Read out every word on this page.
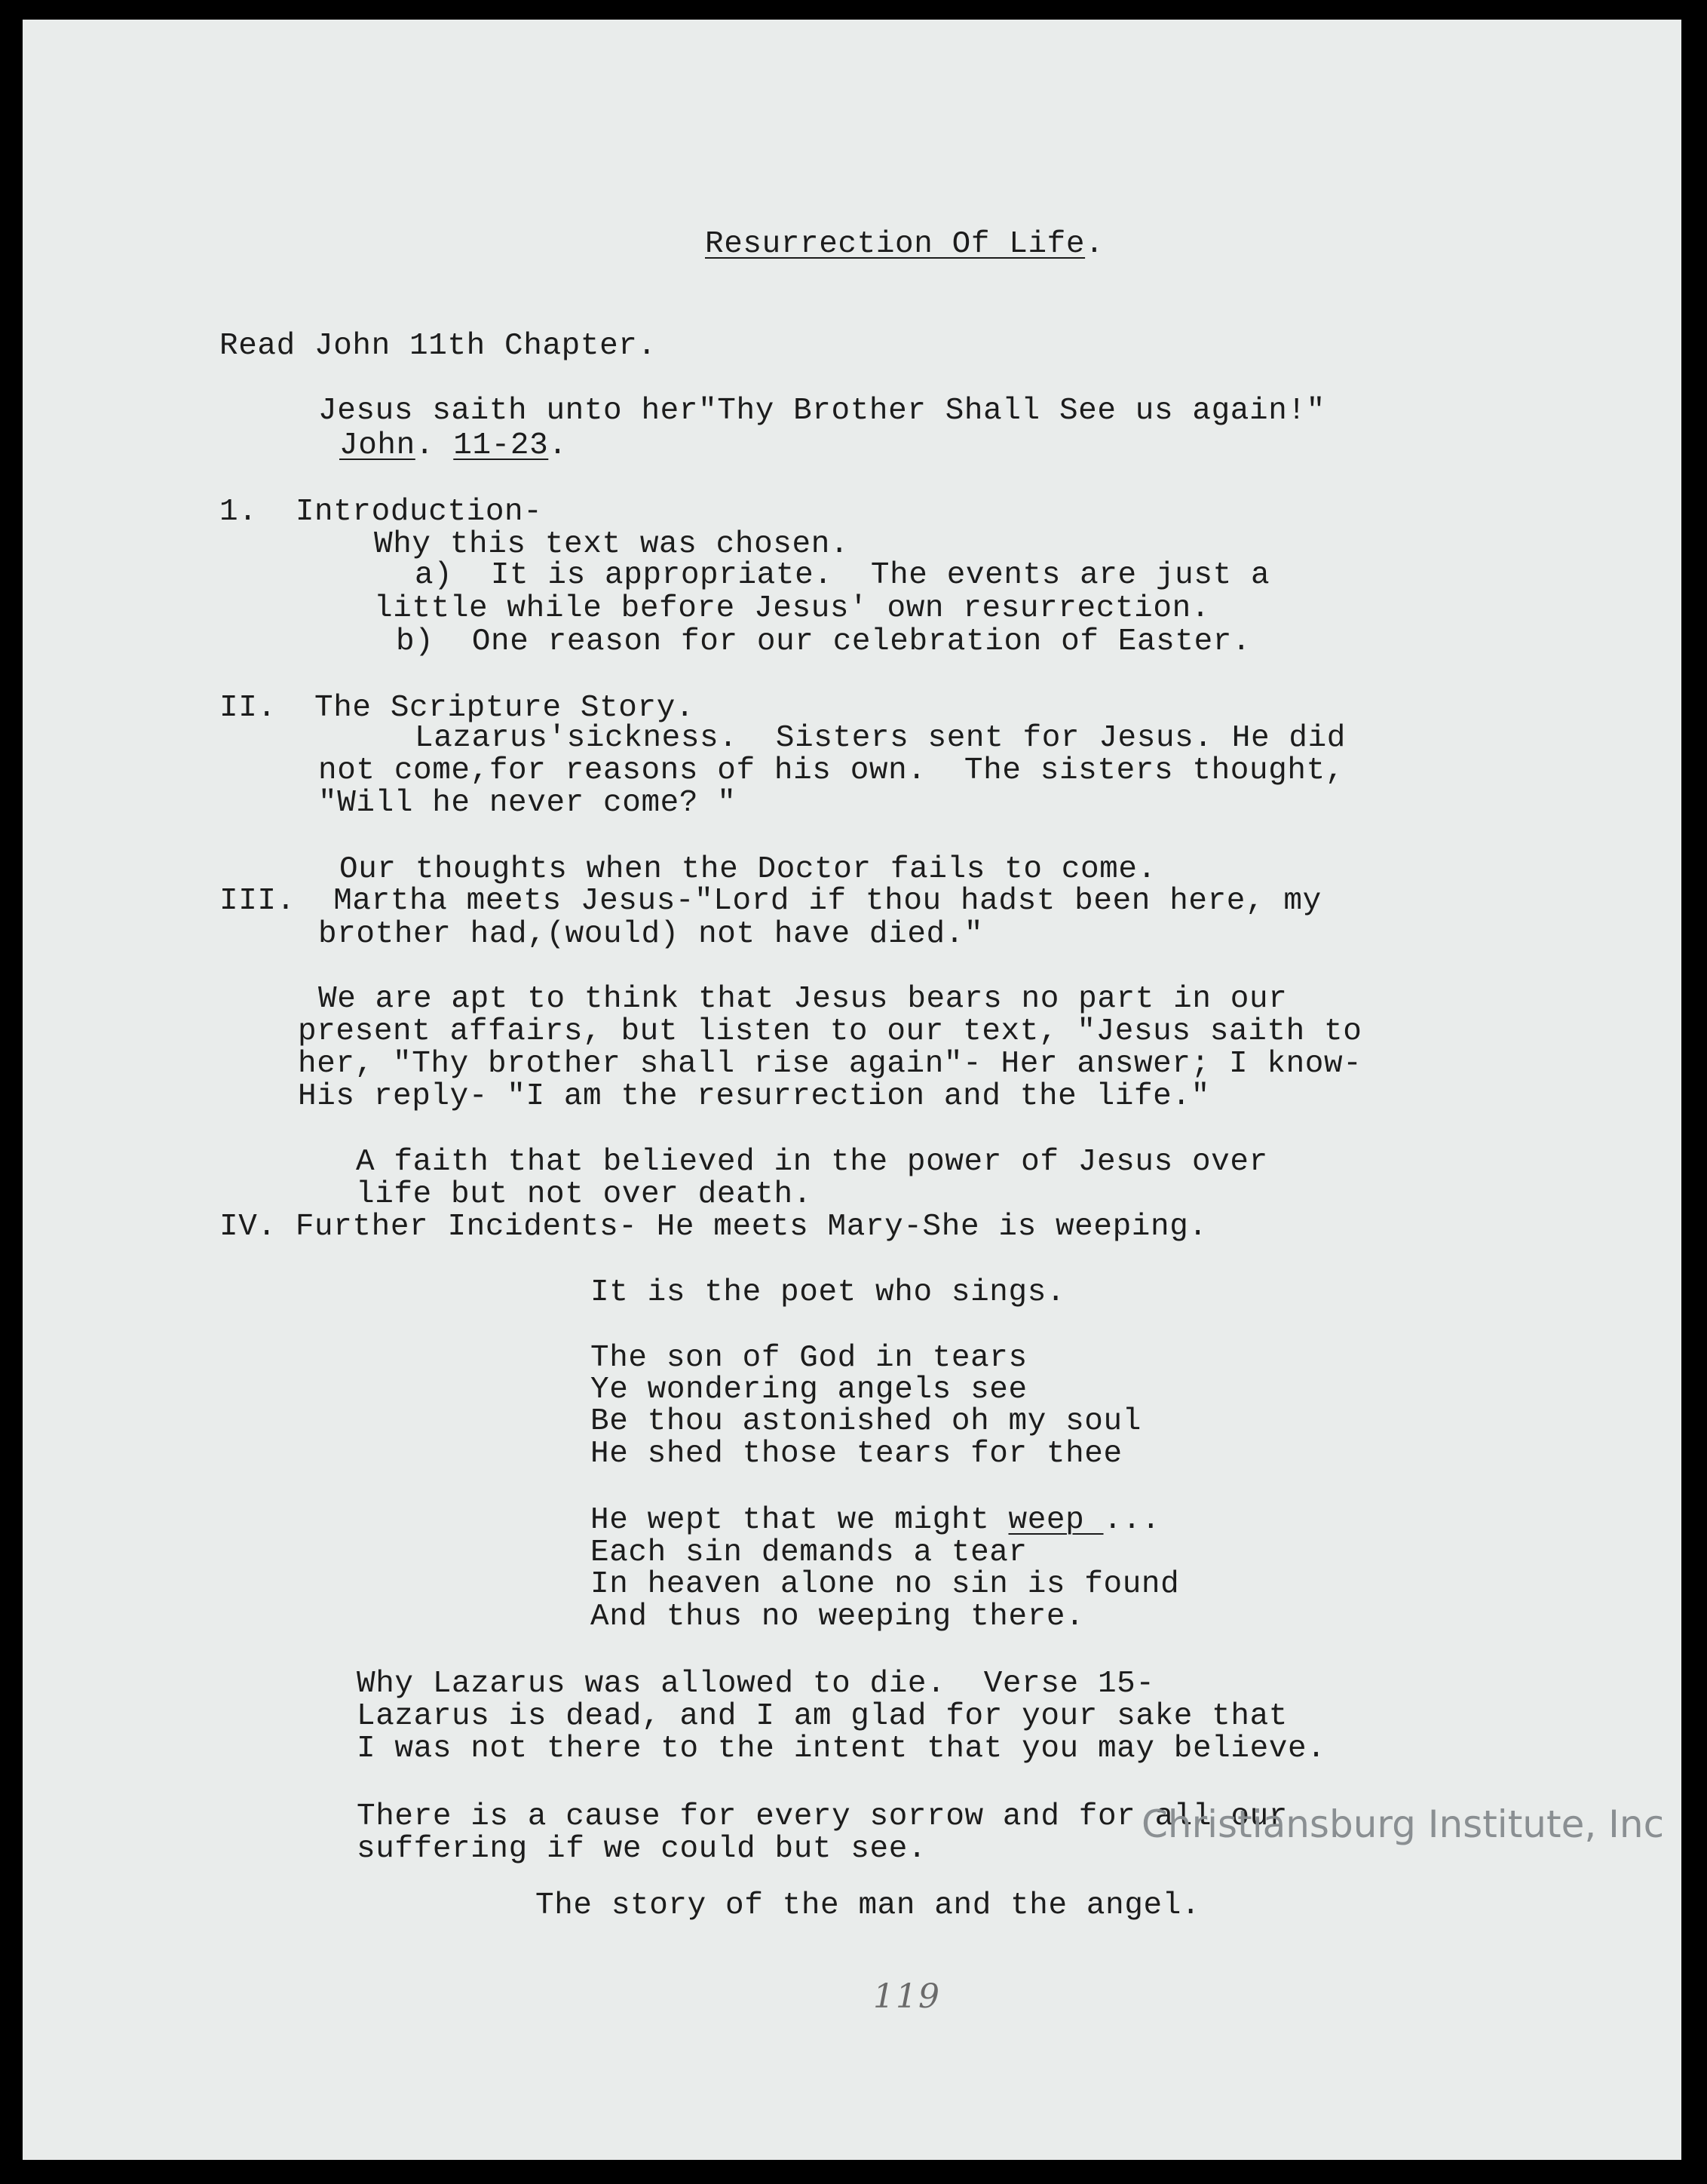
Resurrection Of Life.
Read John 11th Chapter.
Jesus saith unto her"Thy Brother Shall See us again!"
John. 11-23.
1.  Introduction-
Why this text was chosen.
a)  It is appropriate.  The events are just a
little while before Jesus' own resurrection.
b)  One reason for our celebration of Easter.
II.  The Scripture Story.
Lazarus'sickness.  Sisters sent for Jesus. He did
not come,for reasons of his own.  The sisters thought,
"Will he never come? "
Our thoughts when the Doctor fails to come.
III.  Martha meets Jesus-"Lord if thou hadst been here, my
brother had,(would) not have died."
We are apt to think that Jesus bears no part in our
present affairs, but listen to our text, "Jesus saith to
her, "Thy brother shall rise again"- Her answer; I know-
His reply- "I am the resurrection and the life."
A faith that believed in the power of Jesus over
life but not over death.
IV. Further Incidents- He meets Mary-She is weeping.
It is the poet who sings.
The son of God in tears
Ye wondering angels see
Be thou astonished oh my soul
He shed those tears for thee
He wept that we might weep ...
Each sin demands a tear
In heaven alone no sin is found
And thus no weeping there.
Why Lazarus was allowed to die.  Verse 15-
Lazarus is dead, and I am glad for your sake that
I was not there to the intent that you may believe.
There is a cause for every sorrow and for all our
suffering if we could but see.
The story of the man and the angel.
119
Christiansburg Institute, Inc
